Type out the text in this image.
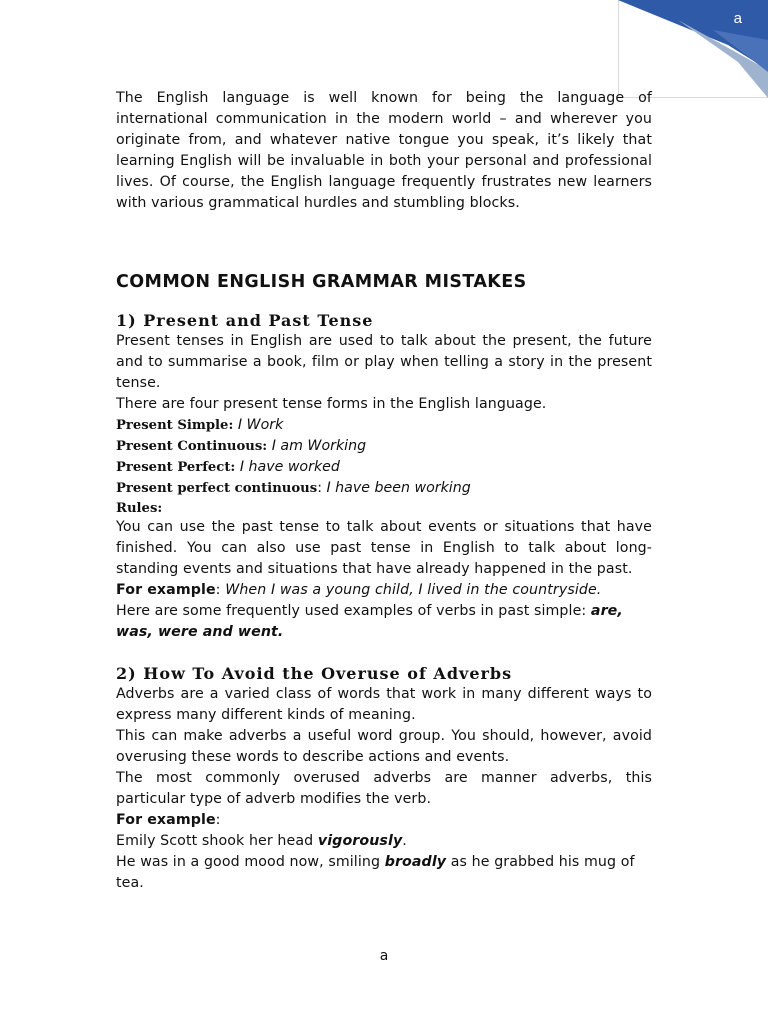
a

The English language is well known for being the language of international communication in the modern world – and wherever you originate from, and whatever native tongue you speak, it’s likely that learning English will be invaluable in both your personal and professional lives. Of course, the English language frequently frustrates new learners with various grammatical hurdles and stumbling blocks.

COMMON ENGLISH GRAMMAR MISTAKES
1) Present and Past Tense

Present tenses in English are used to talk about the present, the future and to summarise a book, film or play when telling a story in the present tense.

There are four present tense forms in the English language.

Present Simple: I Work
Present Continuous: I am Working
Present Perfect: I have worked
Present perfect continuous: I have been working
Rules:

You can use the past tense to talk about events or situations that have finished. You can also use past tense in English to talk about long-standing events and situations that have already happened in the past.

For example: When I was a young child, I lived in the countryside.

Here are some frequently used examples of verbs in past simple: are, was, were and went.

2) How To Avoid the Overuse of Adverbs

Adverbs are a varied class of words that work in many different ways to express many different kinds of meaning.

This can make adverbs a useful word group. You should, however, avoid overusing these words to describe actions and events.

The most commonly overused adverbs are manner adverbs, this particular type of adverb modifies the verb.

For example:

Emily Scott shook her head vigorously.

He was in a good mood now, smiling broadly as he grabbed his mug of tea.

a
